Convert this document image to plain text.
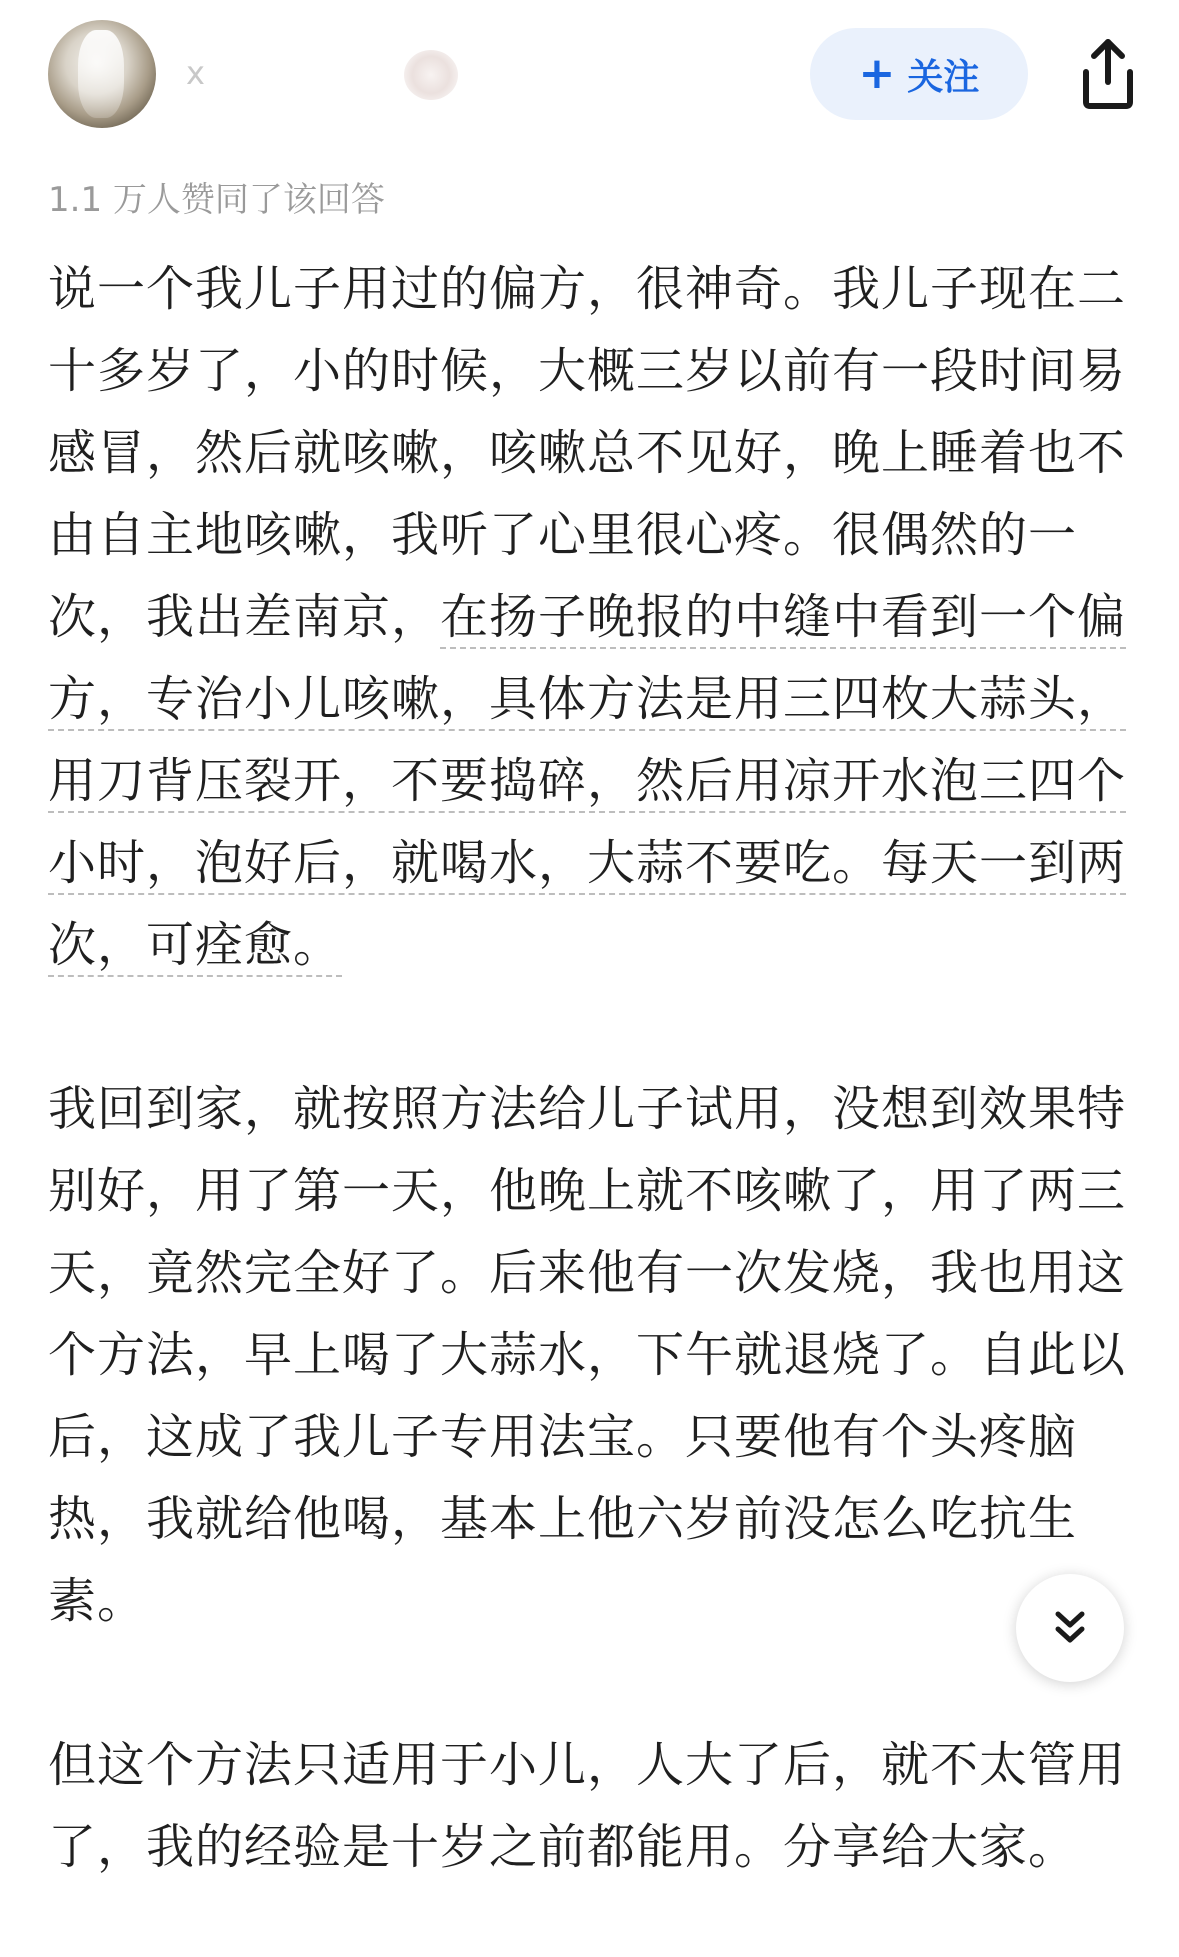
x	+ 关注
1.1 万人赞同了该回答

说一个我儿子用过的偏方，很神奇。我儿子现在二十多岁了，小的时候，大概三岁以前有一段时间易感冒，然后就咳嗽，咳嗽总不见好，晚上睡着也不由自主地咳嗽，我听了心里很心疼。很偶然的一次，我出差南京，在扬子晚报的中缝中看到一个偏方，专治小儿咳嗽，具体方法是用三四枚大蒜头，用刀背压裂开，不要捣碎，然后用凉开水泡三四个小时，泡好后，就喝水，大蒜不要吃。每天一到两次，可痊愈。

我回到家，就按照方法给儿子试用，没想到效果特别好，用了第一天，他晚上就不咳嗽了，用了两三天，竟然完全好了。后来他有一次发烧，我也用这个方法，早上喝了大蒜水，下午就退烧了。自此以后，这成了我儿子专用法宝。只要他有个头疼脑热，我就给他喝，基本上他六岁前没怎么吃抗生素。

但这个方法只适用于小儿，人大了后，就不太管用了，我的经验是十岁之前都能用。分享给大家。
